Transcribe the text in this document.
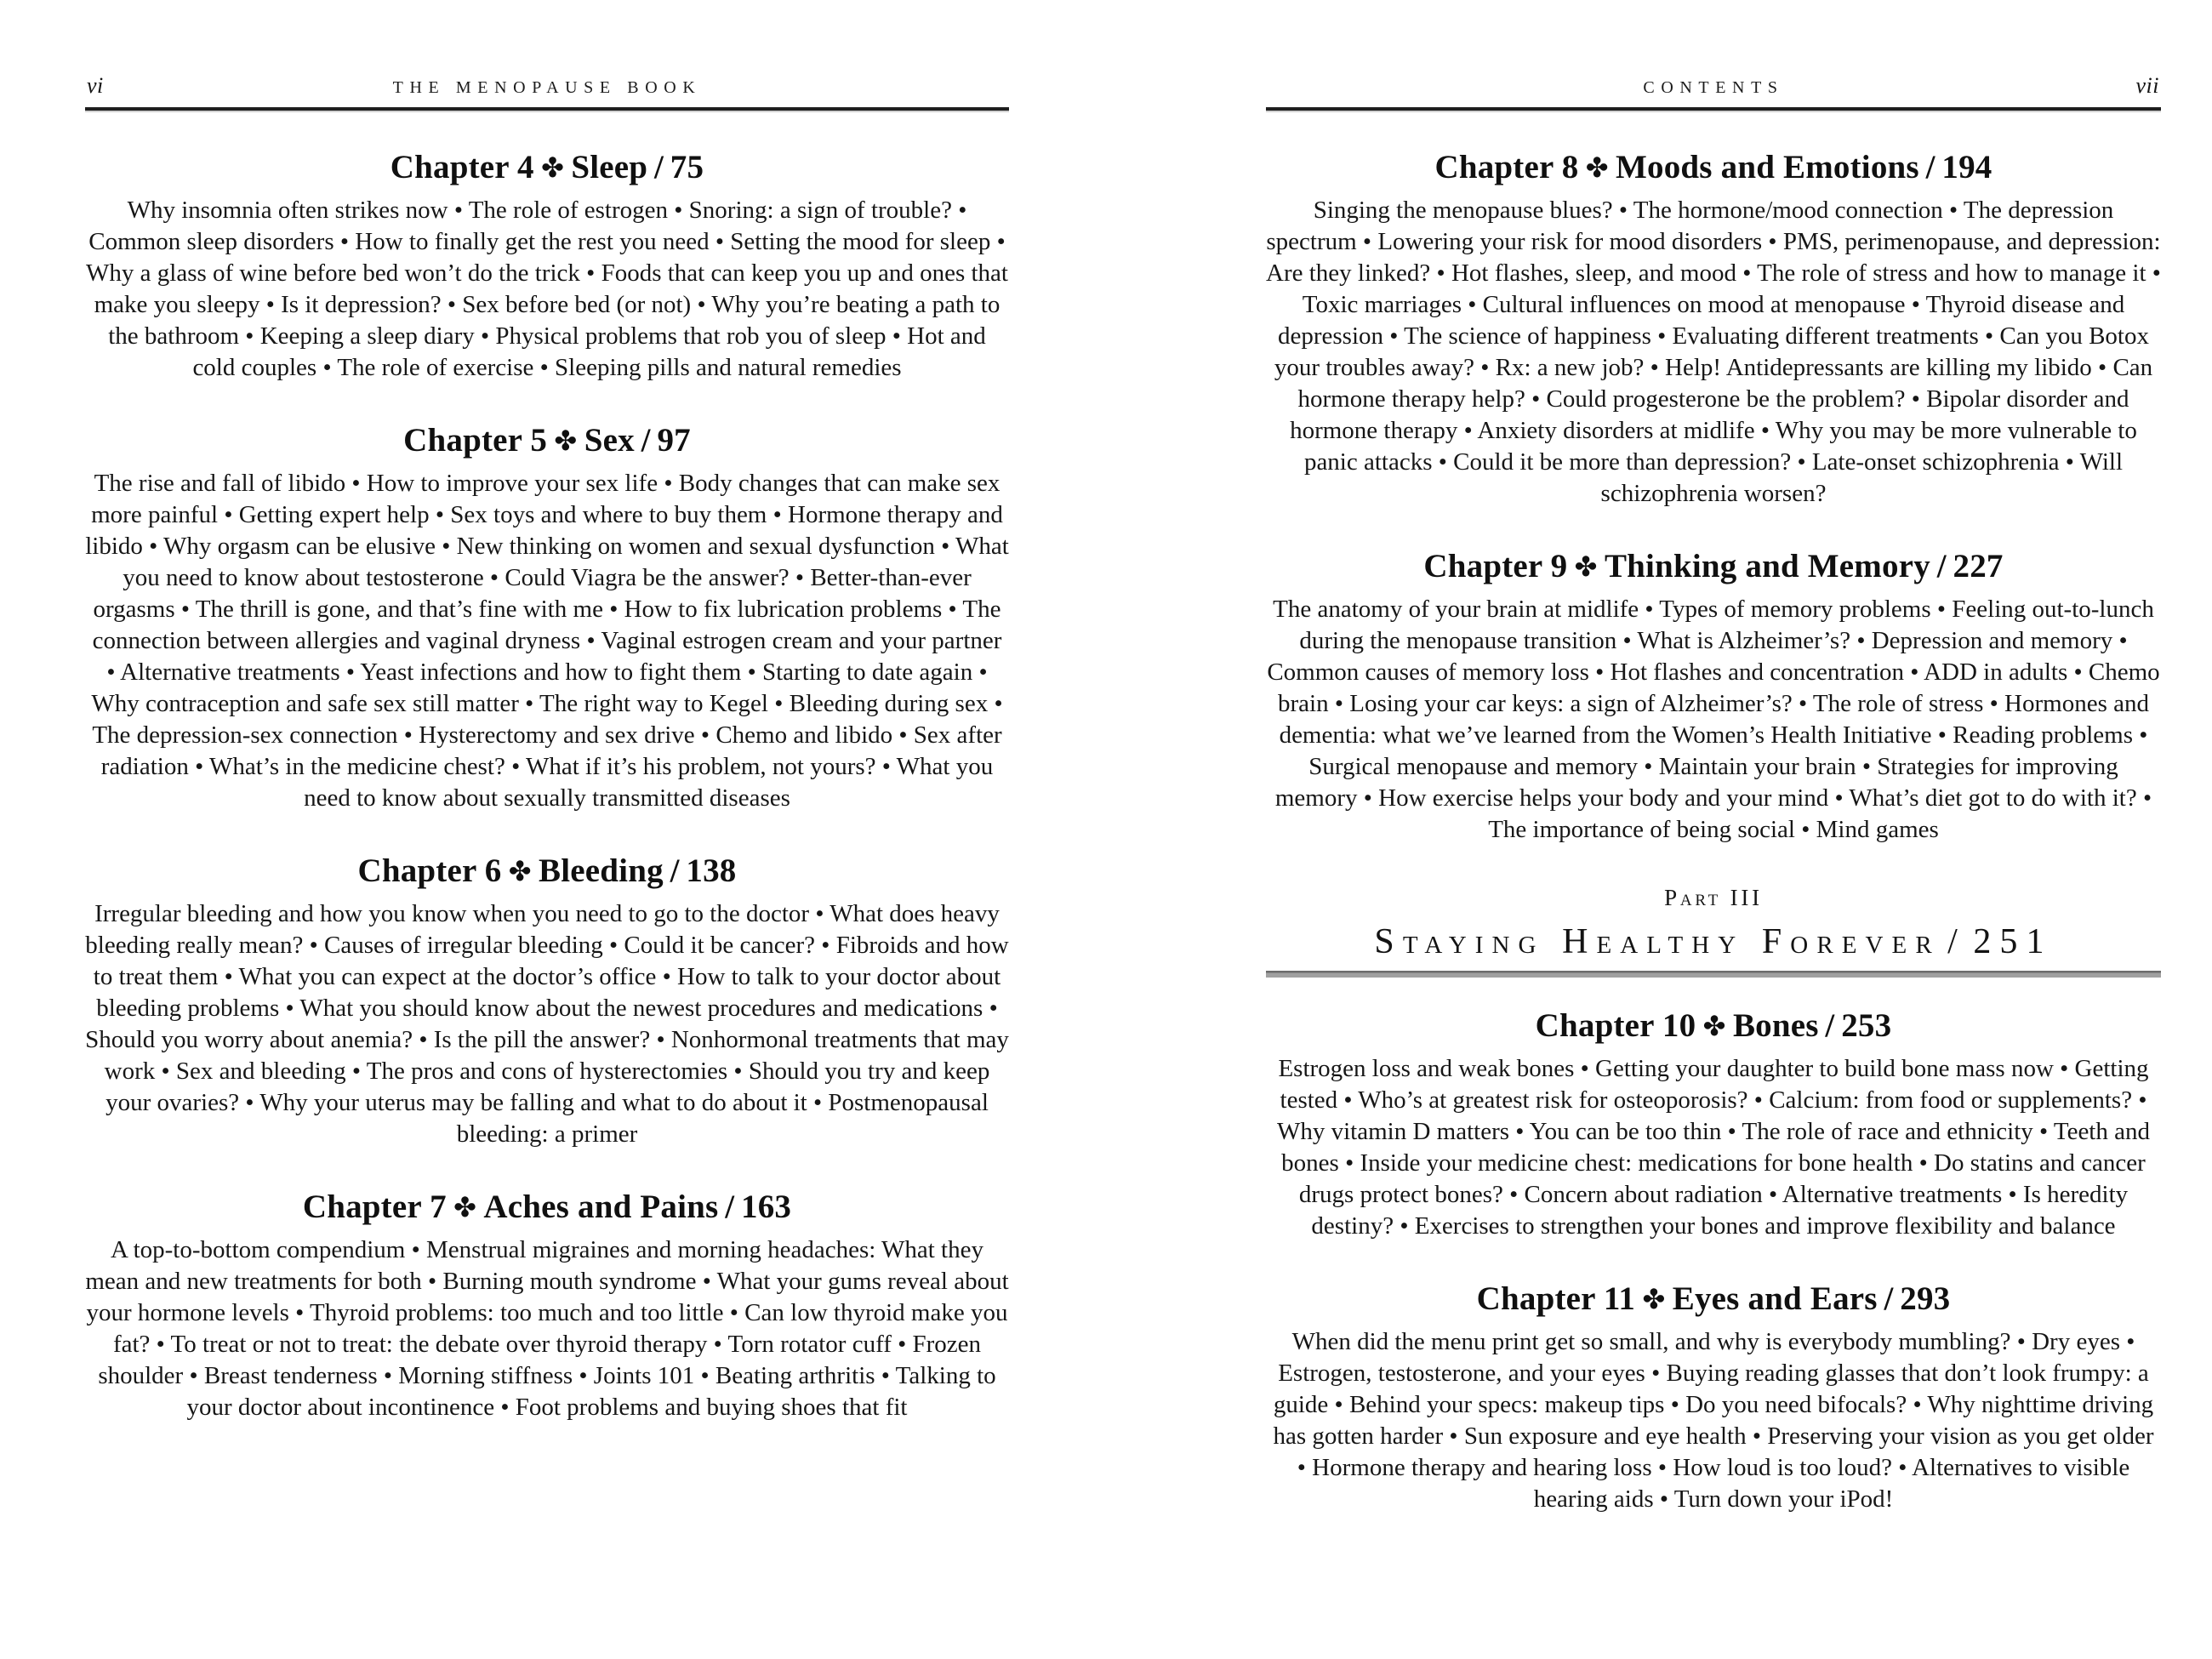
vi	THE MENOPAUSE BOOK
Chapter 4 ✤ Sleep / 75

Why insomnia often strikes now • The role of estrogen • Snoring: a sign of trouble? • Common sleep disorders • How to finally get the rest you need • Setting the mood for sleep • Why a glass of wine before bed won’t do the trick • Foods that can keep you up and ones that make you sleepy • Is it depression? • Sex before bed (or not) • Why you’re beating a path to the bathroom • Keeping a sleep diary • Physical problems that rob you of sleep • Hot and cold couples • The role of exercise • Sleeping pills and natural remedies

Chapter 5 ✤ Sex / 97

The rise and fall of libido • How to improve your sex life • Body changes that can make sex more painful • Getting expert help • Sex toys and where to buy them • Hormone therapy and libido • Why orgasm can be elusive • New thinking on women and sexual dysfunction • What you need to know about testosterone • Could Viagra be the answer? • Better-than-ever orgasms • The thrill is gone, and that’s fine with me • How to fix lubrication problems • The connection between allergies and vaginal dryness • Vaginal estrogen cream and your partner • Alternative treatments • Yeast infections and how to fight them • Starting to date again • Why contraception and safe sex still matter • The right way to Kegel • Bleeding during sex • The depression-sex connection • Hysterectomy and sex drive • Chemo and libido • Sex after radiation • What’s in the medicine chest? • What if it’s his problem, not yours? • What you need to know about sexually transmitted diseases

Chapter 6 ✤ Bleeding / 138

Irregular bleeding and how you know when you need to go to the doctor • What does heavy bleeding really mean? • Causes of irregular bleeding • Could it be cancer? • Fibroids and how to treat them • What you can expect at the doctor’s office • How to talk to your doctor about bleeding problems • What you should know about the newest procedures and medications • Should you worry about anemia? • Is the pill the answer? • Nonhormonal treatments that may work • Sex and bleeding • The pros and cons of hysterectomies • Should you try and keep your ovaries? • Why your uterus may be falling and what to do about it • Postmenopausal bleeding: a primer

Chapter 7 ✤ Aches and Pains / 163

A top-to-bottom compendium • Menstrual migraines and morning headaches: What they mean and new treatments for both • Burning mouth syndrome • What your gums reveal about your hormone levels • Thyroid problems: too much and too little • Can low thyroid make you fat? • To treat or not to treat: the debate over thyroid therapy • Torn rotator cuff • Frozen shoulder • Breast tenderness • Morning stiffness • Joints 101 • Beating arthritis • Talking to your doctor about incontinence • Foot problems and buying shoes that fit

CONTENTS	vii
Chapter 8 ✤ Moods and Emotions / 194

Singing the menopause blues? • The hormone/mood connection • The depression spectrum • Lowering your risk for mood disorders • PMS, perimenopause, and depression: Are they linked? • Hot flashes, sleep, and mood • The role of stress and how to manage it • Toxic marriages • Cultural influences on mood at menopause • Thyroid disease and depression • The science of happiness • Evaluating different treatments • Can you Botox your troubles away? • Rx: a new job? • Help! Antidepressants are killing my libido • Can hormone therapy help? • Could progesterone be the problem? • Bipolar disorder and hormone therapy • Anxiety disorders at midlife • Why you may be more vulnerable to panic attacks • Could it be more than depression? • Late-onset schizophrenia • Will schizophrenia worsen?

Chapter 9 ✤ Thinking and Memory / 227

The anatomy of your brain at midlife • Types of memory problems • Feeling out-to-lunch during the menopause transition • What is Alzheimer’s? • Depression and memory • Common causes of memory loss • Hot flashes and concentration • ADD in adults • Chemo brain • Losing your car keys: a sign of Alzheimer’s? • The role of stress • Hormones and dementia: what we’ve learned from the Women’s Health Initiative • Reading problems • Surgical menopause and memory • Maintain your brain • Strategies for improving memory • How exercise helps your body and your mind • What’s diet got to do with it? • The importance of being social • Mind games

Part III
Staying Healthy Forever / 251
Chapter 10 ✤ Bones / 253

Estrogen loss and weak bones • Getting your daughter to build bone mass now • Getting tested • Who’s at greatest risk for osteoporosis? • Calcium: from food or supplements? • Why vitamin D matters • You can be too thin • The role of race and ethnicity • Teeth and bones • Inside your medicine chest: medications for bone health • Do statins and cancer drugs protect bones? • Concern about radiation • Alternative treatments • Is heredity destiny? • Exercises to strengthen your bones and improve flexibility and balance

Chapter 11 ✤ Eyes and Ears / 293

When did the menu print get so small, and why is everybody mumbling? • Dry eyes • Estrogen, testosterone, and your eyes • Buying reading glasses that don’t look frumpy: a guide • Behind your specs: makeup tips • Do you need bifocals? • Why nighttime driving has gotten harder • Sun exposure and eye health • Preserving your vision as you get older • Hormone therapy and hearing loss • How loud is too loud? • Alternatives to visible hearing aids • Turn down your iPod!
